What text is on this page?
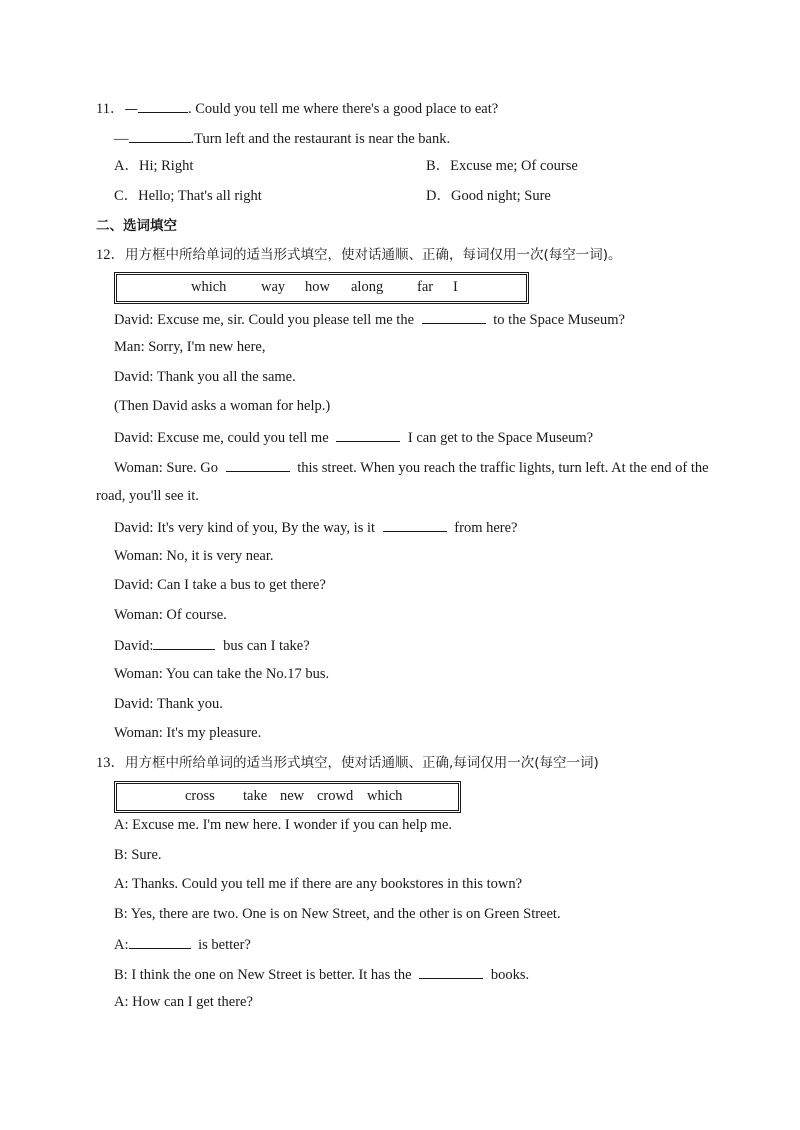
11．—	. Could you tell me where there's a good place to eat?
—	.Turn left and the restaurant is near the bank.
A．Hi; Right	B．Excuse me; Of course
C．Hello; That's all right	D．Good night; Sure
二、选词填空
12．用方框中所给单词的适当形式填空，使对话通顺、正确，每词仅用一次(每空一词)。
which way how along far I
David: Excuse me, sir. Could you please tell me the	to the Space Museum?
Man: Sorry, I'm new here,
David: Thank you all the same.
(Then David asks a woman for help.)
David: Excuse me, could you tell me	I can get to the Space Museum?
Woman: Sure. Go	this street. When you reach the traffic lights, turn left. At the end of the
road, you'll see it.
David: It's very kind of you, By the way, is it	from here?
Woman: No, it is very near.
David: Can I take a bus to get there?
Woman: Of course.
David:	bus can I take?
Woman: You can take the No.17 bus.
David: Thank you.
Woman: It's my pleasure.
13．用方框中所给单词的适当形式填空，使对话通顺、正确,每词仅用一次(每空一词)
cross take new crowd which
A: Excuse me. I'm new here. I wonder if you can help me.
B: Sure.
A: Thanks. Could you tell me if there are any bookstores in this town?
B: Yes, there are two. One is on New Street, and the other is on Green Street.
A:	is better?
B: I think the one on New Street is better. It has the	books.
A: How can I get there?
